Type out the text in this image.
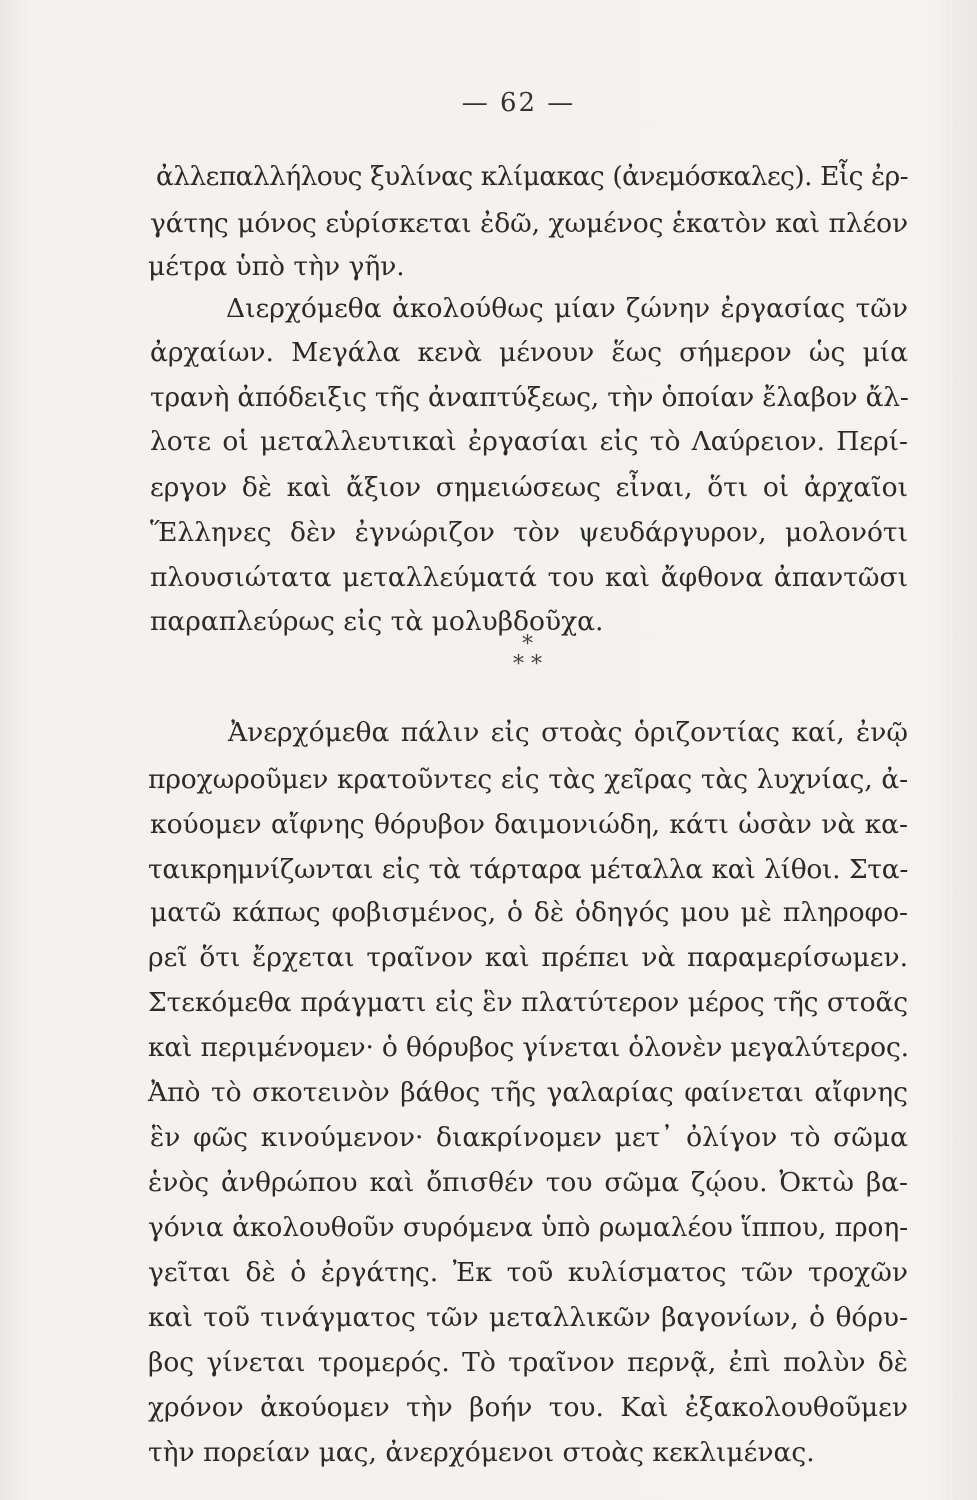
— 62 —
ἀλλεπαλλήλους ξυλίνας κλίμακας (ἀνεμόσκαλες). Εἷς ἐρ-
γάτης μόνος εὑρίσκεται ἐδῶ, χωμένος ἑκατὸν καὶ πλέον
μέτρα ὑπὸ τὴν γῆν.
Διερχόμεθα ἀκολούθως μίαν ζώνην ἐργασίας τῶν
ἀρχαίων. Μεγάλα κενὰ μένουν ἕως σήμερον ὡς μία
τρανὴ ἀπόδειξις τῆς ἀναπτύξεως, τὴν ὁποίαν ἔλαβον ἄλ-
λοτε οἱ μεταλλευτικαὶ ἐργασίαι εἰς τὸ Λαύρειον. Περί-
εργον δὲ καὶ ἄξιον σημειώσεως εἶναι, ὅτι οἱ ἀρχαῖοι
Ἕλληνες δὲν ἐγνώριζον τὸν ψευδάργυρον, μολονότι
πλουσιώτατα μεταλλεύματά του καὶ ἄφθονα ἀπαντῶσι
παραπλεύρως εἰς τὰ μολυβδοῦχα.
*
* *
Ἀνερχόμεθα πάλιν εἰς στοὰς ὁριζοντίας καί, ἐνῷ
προχωροῦμεν κρατοῦντες εἰς τὰς χεῖρας τὰς λυχνίας, ἀ-
κούομεν αἴφνης θόρυβον δαιμονιώδη, κάτι ὡσὰν νὰ κα-
ταικρημνίζωνται εἰς τὰ τάρταρα μέταλλα καὶ λίθοι. Στα-
ματῶ κάπως φοβισμένος, ὁ δὲ ὁδηγός μου μὲ πληροφο-
ρεῖ ὅτι ἔρχεται τραῖνον καὶ πρέπει νὰ παραμερίσωμεν.
Στεκόμεθα πράγματι εἰς ἓν πλατύτερον μέρος τῆς στοᾶς
καὶ περιμένομεν· ὁ θόρυβος γίνεται ὁλονὲν μεγαλύτερος.
Ἀπὸ τὸ σκοτεινὸν βάθος τῆς γαλαρίας φαίνεται αἴφνης
ἓν φῶς κινούμενον· διακρίνομεν μετ᾽ ὀλίγον τὸ σῶμα
ἑνὸς ἀνθρώπου καὶ ὄπισθέν του σῶμα ζῴου. Ὀκτὼ βα-
γόνια ἀκολουθοῦν συρόμενα ὑπὸ ρωμαλέου ἵππου, προη-
γεῖται δὲ ὁ ἐργάτης. Ἐκ τοῦ κυλίσματος τῶν τροχῶν
καὶ τοῦ τινάγματος τῶν μεταλλικῶν βαγονίων, ὁ θόρυ-
βος γίνεται τρομερός. Τὸ τραῖνον περνᾷ, ἐπὶ πολὺν δὲ
χρόνον ἀκούομεν τὴν βοήν του. Καὶ ἐξακολουθοῦμεν
τὴν πορείαν μας, ἀνερχόμενοι στοὰς κεκλιμένας.
